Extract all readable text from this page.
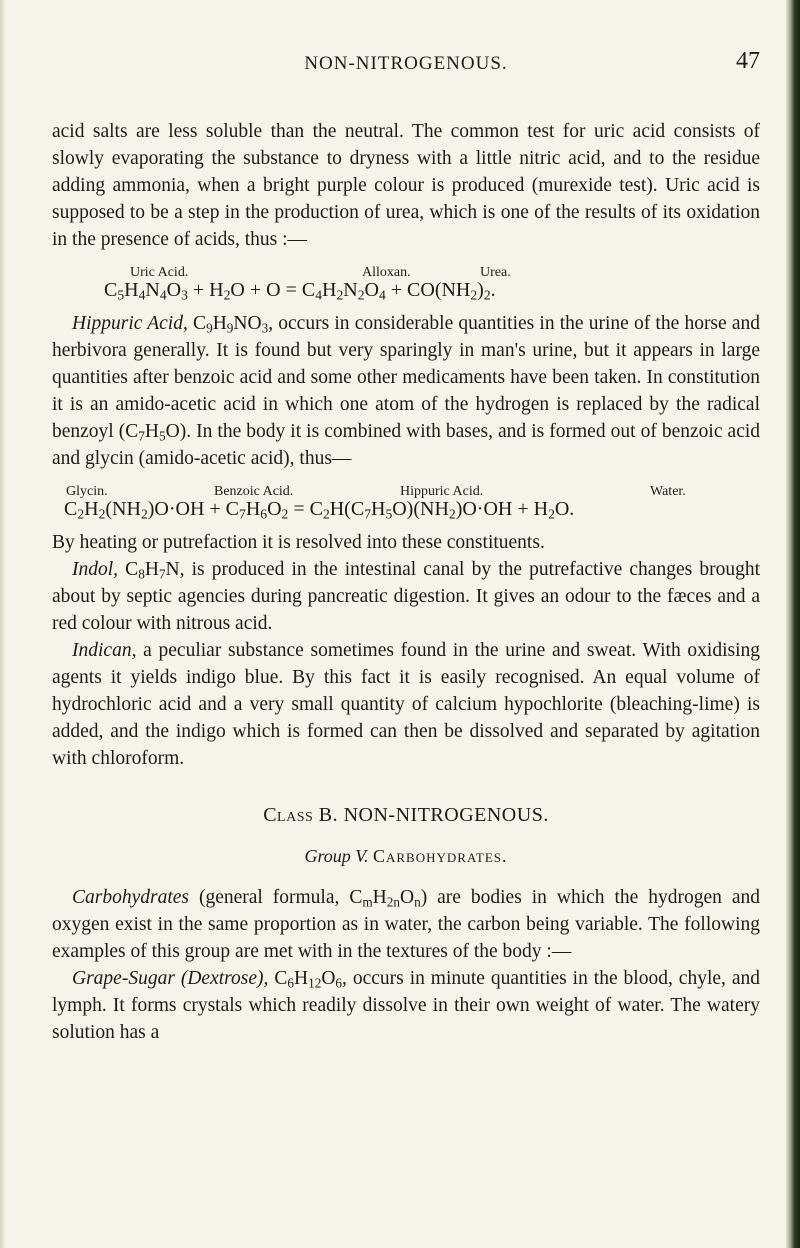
NON-NITROGENOUS.	47

acid salts are less soluble than the neutral. The common test for uric acid consists of slowly evaporating the substance to dryness with a little nitric acid, and to the residue adding ammonia, when a bright purple colour is produced (murexide test). Uric acid is supposed to be a step in the production of urea, which is one of the results of its oxidation in the presence of acids, thus :—

Uric Acid.	Alloxan.	Urea.
$C_5H_4N_4O_3 + H_2O + O = C_4H_2N_2O_4 + CO(NH_2)_2$.

Hippuric Acid, $C_9H_9NO_3$, occurs in considerable quantities in the urine of the horse and herbivora generally. It is found but very sparingly in man's urine, but it appears in large quantities after benzoic acid and some other medicaments have been taken. In constitution it is an amido-acetic acid in which one atom of the hydrogen is replaced by the radical benzoyl $(C_7H_5O)$. In the body it is combined with bases, and is formed out of benzoic acid and glycin (amido-acetic acid), thus—

Glycin.	Benzoic Acid.	Hippuric Acid.	Water.
$C_2H_2(NH_2)O\cdot OH + C_7H_6O_2 = C_2H(C_7H_5O)(NH_2)O\cdot OH + H_2O$.

By heating or putrefaction it is resolved into these constituents.

Indol, $C_8H_7N$, is produced in the intestinal canal by the putrefactive changes brought about by septic agencies during pancreatic digestion. It gives an odour to the fæces and a red colour with nitrous acid.

Indican, a peculiar substance sometimes found in the urine and sweat. With oxidising agents it yields indigo blue. By this fact it is easily recognised. An equal volume of hydrochloric acid and a very small quantity of calcium hypochlorite (bleaching-lime) is added, and the indigo which is formed can then be dissolved and separated by agitation with chloroform.

Class B. NON-NITROGENOUS.
Group V. Carbohydrates.

Carbohydrates (general formula, $C_mH_{2n}O_n$) are bodies in which the hydrogen and oxygen exist in the same proportion as in water, the carbon being variable. The following examples of this group are met with in the textures of the body :—

Grape-Sugar (Dextrose), $C_6H_{12}O_6$, occurs in minute quantities in the blood, chyle, and lymph. It forms crystals which readily dissolve in their own weight of water. The watery solution has a
